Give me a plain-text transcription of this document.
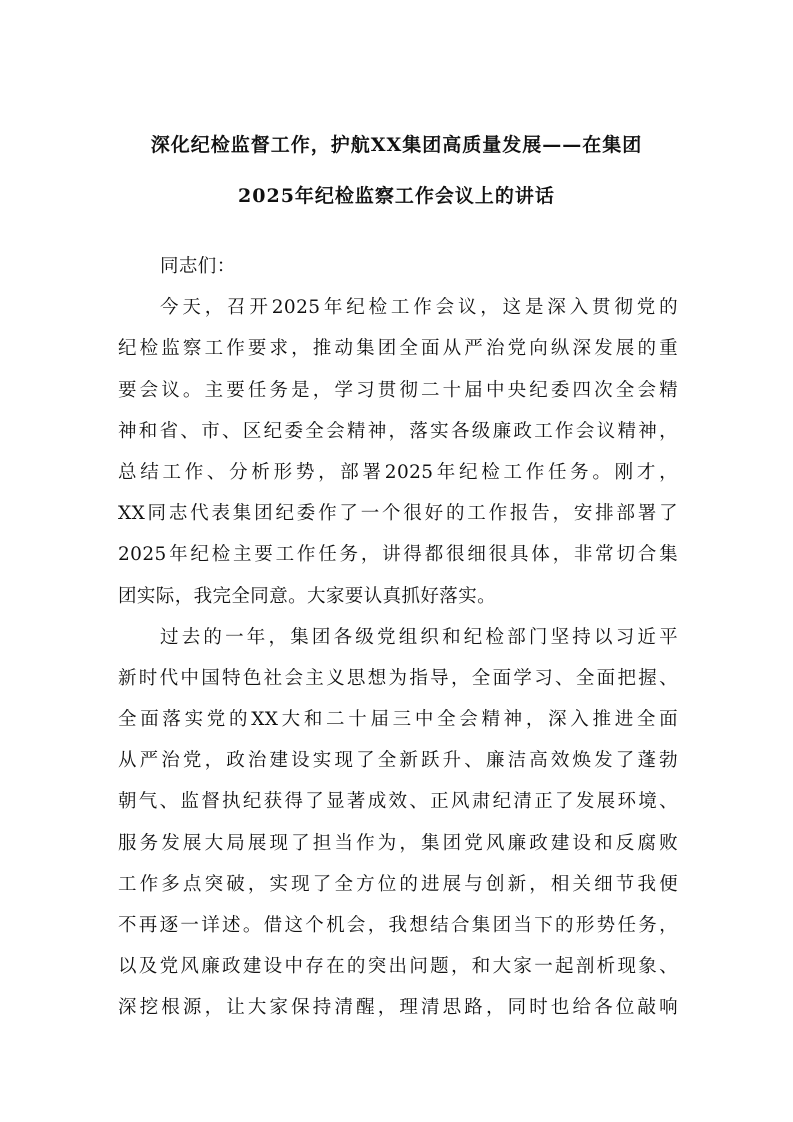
深化纪检监督工作，护航XX集团高质量发展——在集团
2025年纪检监察工作会议上的讲话
同志们：
今天，召开2025年纪检工作会议，这是深入贯彻党的
纪检监察工作要求，推动集团全面从严治党向纵深发展的重
要会议。主要任务是，学习贯彻二十届中央纪委四次全会精
神和省、市、区纪委全会精神，落实各级廉政工作会议精神，
总结工作、分析形势，部署2025年纪检工作任务。刚才，
XX同志代表集团纪委作了一个很好的工作报告，安排部署了
2025年纪检主要工作任务，讲得都很细很具体，非常切合集
团实际，我完全同意。大家要认真抓好落实。
过去的一年，集团各级党组织和纪检部门坚持以习近平
新时代中国特色社会主义思想为指导，全面学习、全面把握、
全面落实党的XX大和二十届三中全会精神，深入推进全面
从严治党，政治建设实现了全新跃升、廉洁高效焕发了蓬勃
朝气、监督执纪获得了显著成效、正风肃纪清正了发展环境、
服务发展大局展现了担当作为，集团党风廉政建设和反腐败
工作多点突破，实现了全方位的进展与创新，相关细节我便
不再逐一详述。借这个机会，我想结合集团当下的形势任务，
以及党风廉政建设中存在的突出问题，和大家一起剖析现象、
深挖根源，让大家保持清醒，理清思路，同时也给各位敲响
